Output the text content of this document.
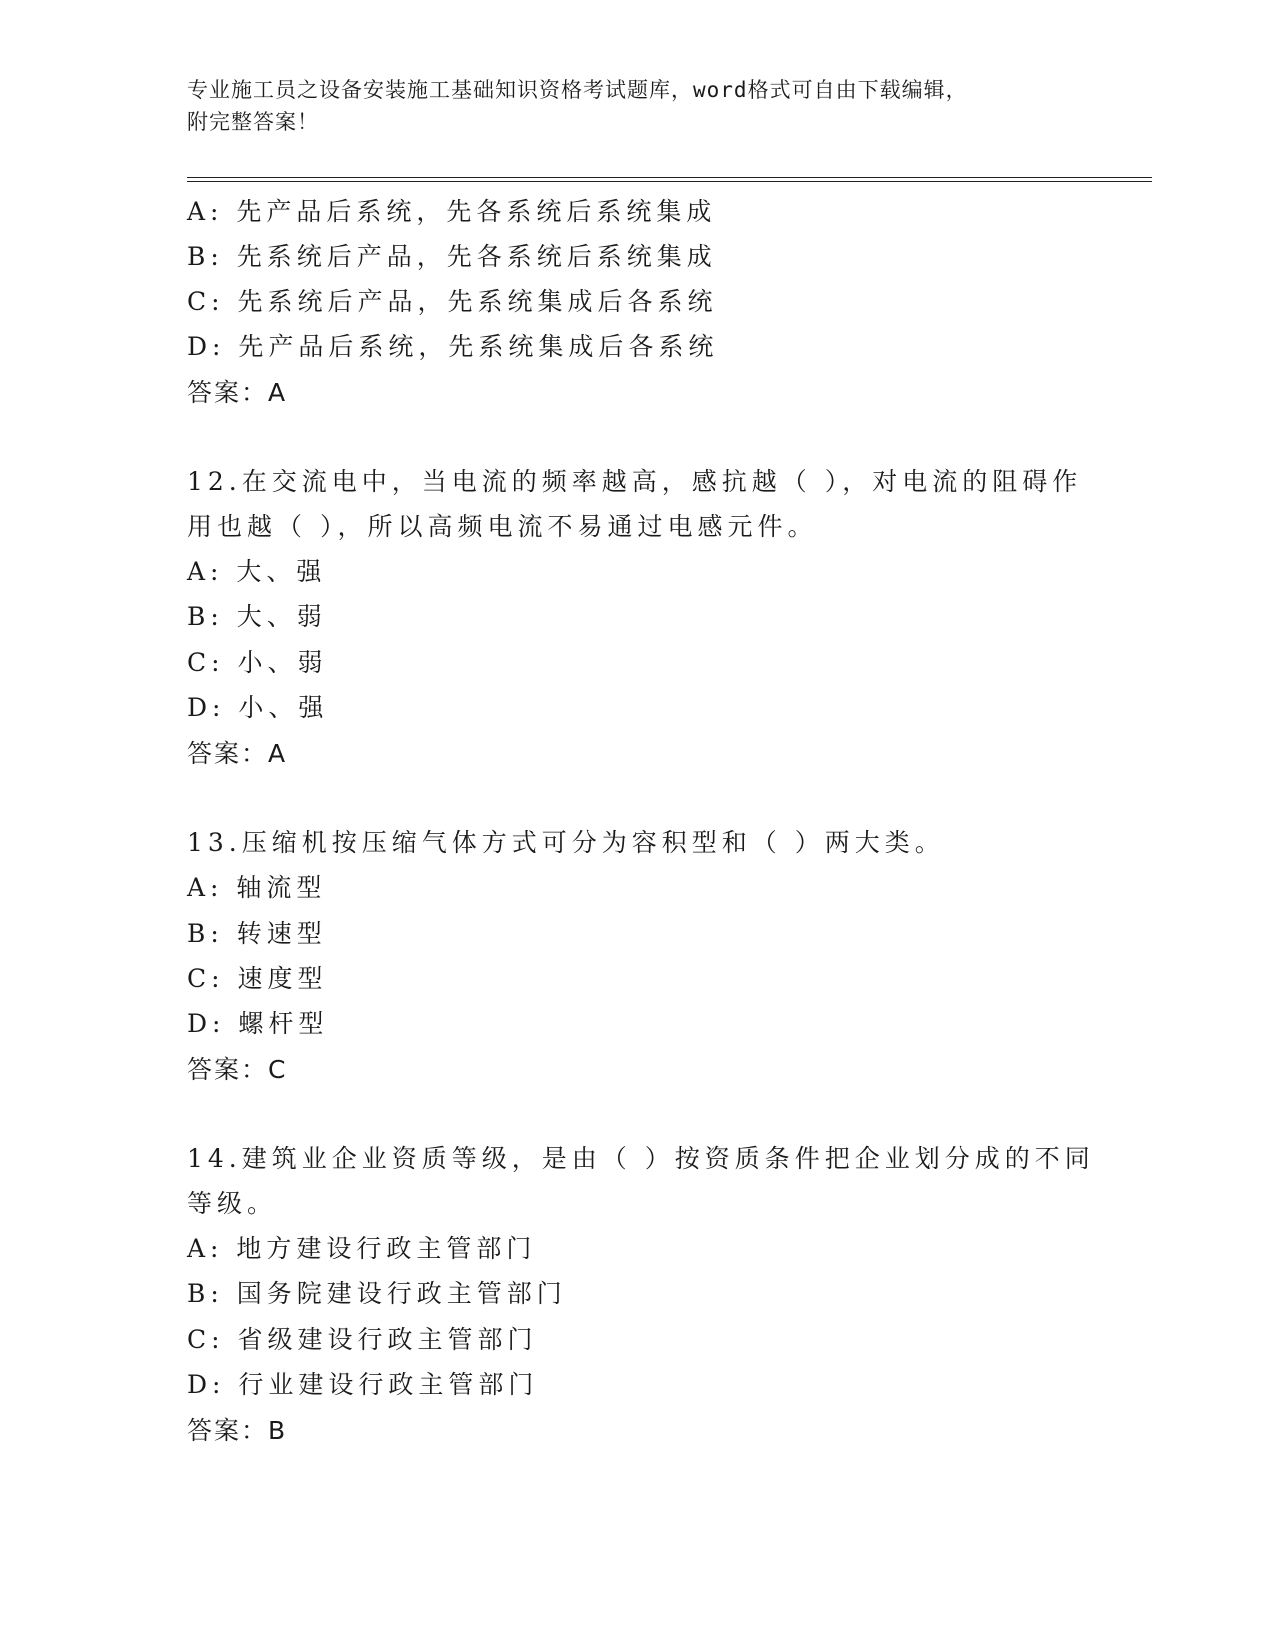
专业施工员之设备安装施工基础知识资格考试题库，word格式可自由下载编辑，
附完整答案！
A: 先产品后系统，先各系统后系统集成
B: 先系统后产品，先各系统后系统集成
C: 先系统后产品，先系统集成后各系统
D: 先产品后系统，先系统集成后各系统
答案：A
12.在交流电中，当电流的频率越高，感抗越（ ），对电流的阻碍作
用也越（ ），所以高频电流不易通过电感元件。
A: 大、强
B: 大、弱
C: 小、弱
D: 小、强
答案：A
13.压缩机按压缩气体方式可分为容积型和（ ）两大类。
A: 轴流型
B: 转速型
C: 速度型
D: 螺杆型
答案：C
14.建筑业企业资质等级，是由（ ）按资质条件把企业划分成的不同
等级。
A: 地方建设行政主管部门
B: 国务院建设行政主管部门
C: 省级建设行政主管部门
D: 行业建设行政主管部门
答案：B
